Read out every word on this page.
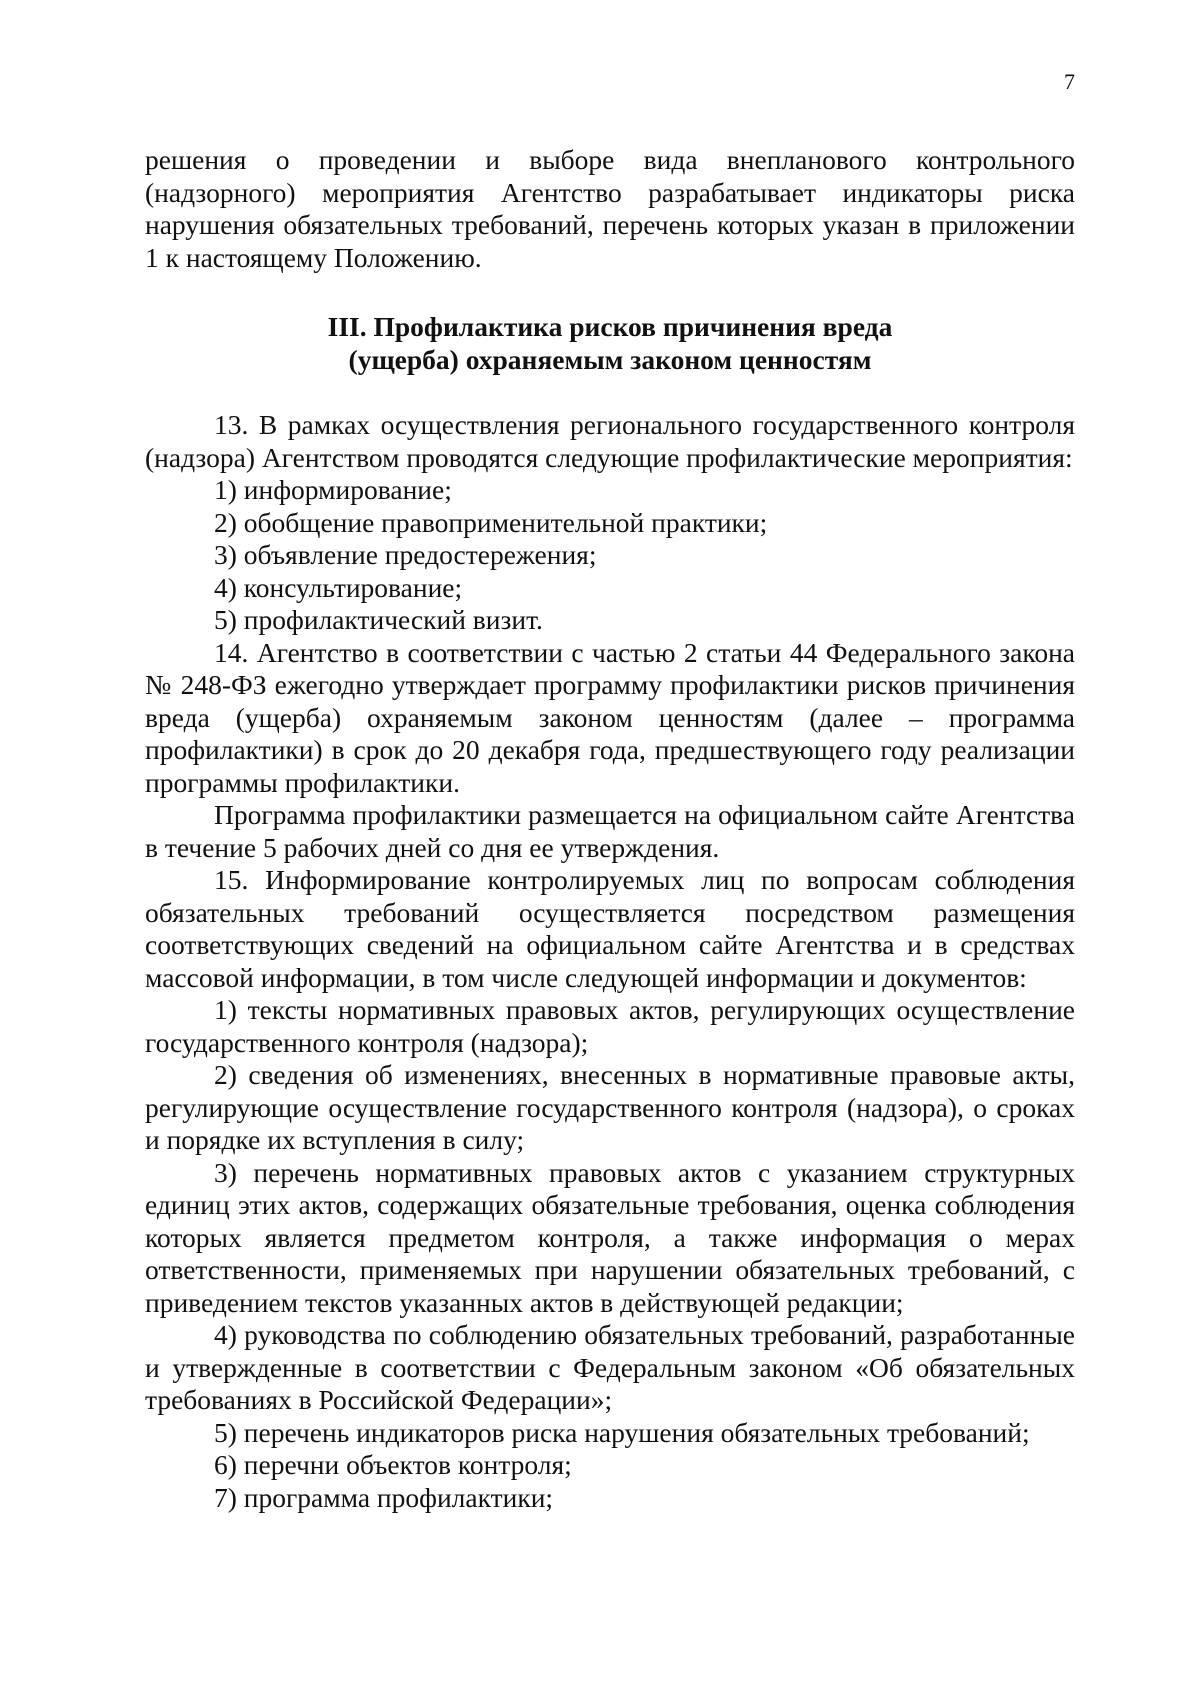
7

решения о проведении и выборе вида внепланового контрольного (надзорного) мероприятия Агентство разрабатывает индикаторы риска нарушения обязательных требований, перечень которых указан в приложении 1 к настоящему Положению.

III. Профилактика рисков причинения вреда
(ущерба) охраняемым законом ценностям

13. В рамках осуществления регионального государственного контроля (надзора) Агентством проводятся следующие профилактические мероприятия:

1) информирование;

2) обобщение правоприменительной практики;

3) объявление предостережения;

4) консультирование;

5) профилактический визит.

14. Агентство в соответствии с частью 2 статьи 44 Федерального закона № 248-ФЗ ежегодно утверждает программу профилактики рисков причинения вреда (ущерба) охраняемым законом ценностям (далее – программа профилактики) в срок до 20 декабря года, предшествующего году реализации программы профилактики.

Программа профилактики размещается на официальном сайте Агентства в течение 5 рабочих дней со дня ее утверждения.

15. Информирование контролируемых лиц по вопросам соблюдения обязательных требований осуществляется посредством размещения соответствующих сведений на официальном сайте Агентства и в средствах массовой информации, в том числе следующей информации и документов:

1) тексты нормативных правовых актов, регулирующих осуществление государственного контроля (надзора);

2) сведения об изменениях, внесенных в нормативные правовые акты, регулирующие осуществление государственного контроля (надзора), о сроках и порядке их вступления в силу;

3) перечень нормативных правовых актов с указанием структурных единиц этих актов, содержащих обязательные требования, оценка соблюдения которых является предметом контроля, а также информация о мерах ответственности, применяемых при нарушении обязательных требований, с приведением текстов указанных актов в действующей редакции;

4) руководства по соблюдению обязательных требований, разработанные и утвержденные в соответствии с Федеральным законом «Об обязательных требованиях в Российской Федерации»;

5) перечень индикаторов риска нарушения обязательных требований;

6) перечни объектов контроля;

7) программа профилактики;
